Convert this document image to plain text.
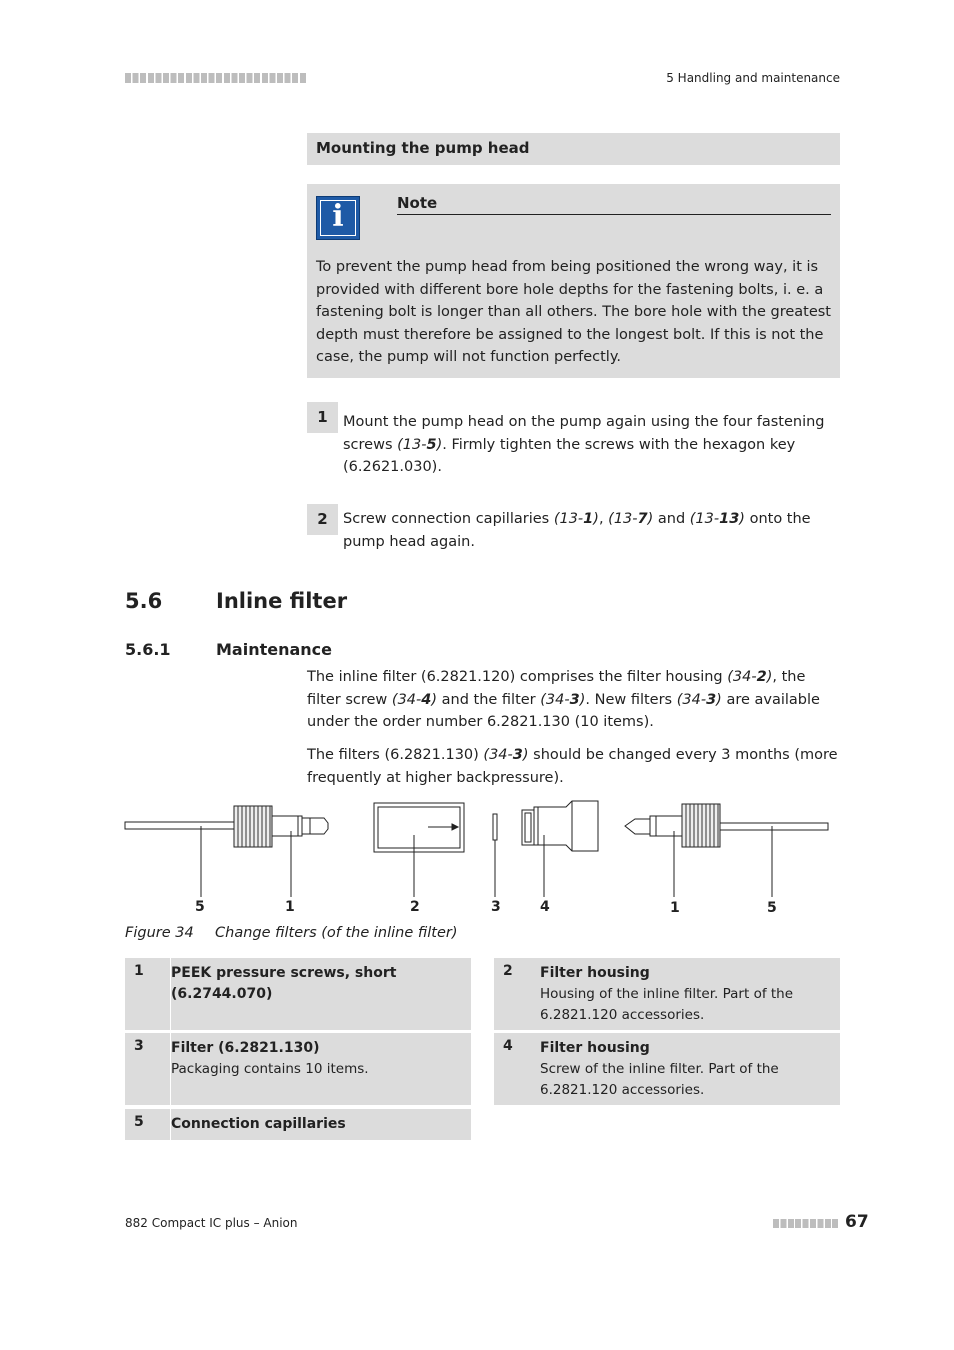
5 Handling and maintenance
Mounting the pump head
i
Note
To prevent the pump head from being positioned the wrong way, it is provided with different bore hole depths for the fastening bolts, i. e. a fastening bolt is longer than all others. The bore hole with the greatest depth must therefore be assigned to the longest bolt. If this is not the case, the pump will not function perfectly.
1	Mount the pump head on the pump again using the four fastening screws (13-5). Firmly tighten the screws with the hexagon key (6.2621.030).
2	Screw connection capillaries (13-1), (13-7) and (13-13) onto the pump head again.
5.6	Inline filter
5.6.1	Maintenance
The inline filter (6.2821.120) comprises the filter housing (34-2), the filter screw (34-4) and the filter (34-3). New filters (34-3) are available under the order number 6.2821.130 (10 items).
The filters (6.2821.130) (34-3) should be changed every 3 months (more frequently at higher backpressure).
5	1	2	3	4	1	5
Figure 34 Change filters (of the inline filter)
1 PEEK pressure screws, short (6.2744.070)
2 Filter housing
Housing of the inline filter. Part of the 6.2821.120 accessories.
3 Filter (6.2821.130)
Packaging contains 10 items.
4 Filter housing
Screw of the inline filter. Part of the 6.2821.120 accessories.
5 Connection capillaries
882 Compact IC plus – Anion	67
